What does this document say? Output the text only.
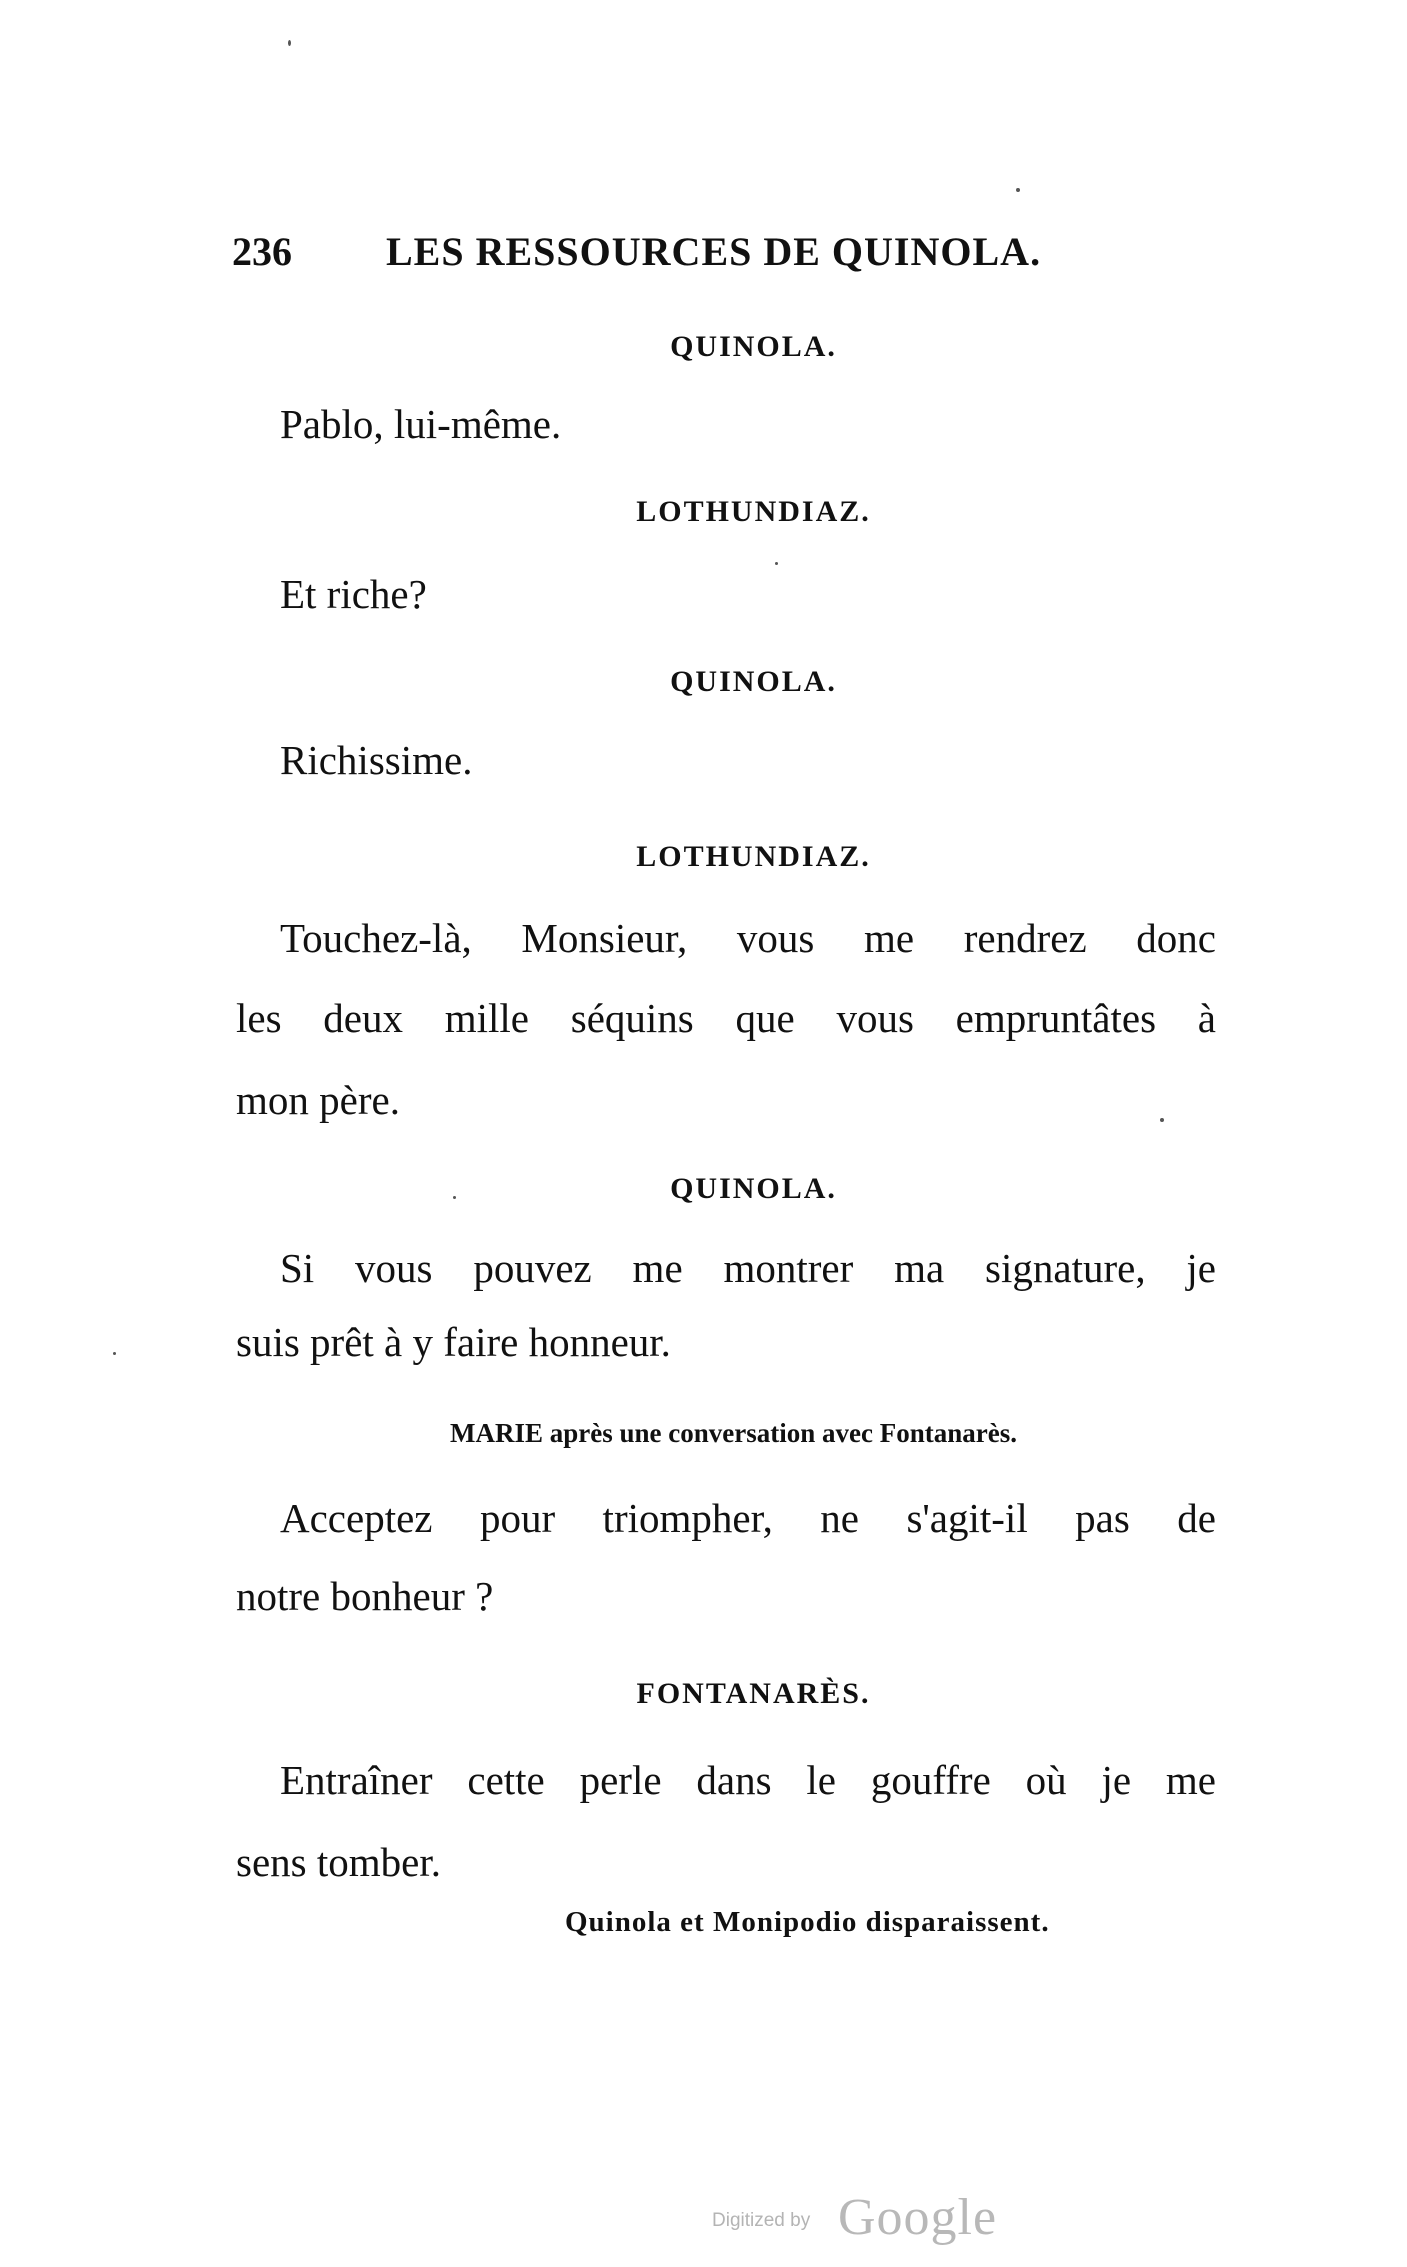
236 LES RESSOURCES DE QUINOLA.
QUINOLA.
Pablo, lui-même.
LOTHUNDIAZ.
Et riche?
QUINOLA.
Richissime.
LOTHUNDIAZ.
Touchez-là, Monsieur, vous me rendrez donc
les deux mille séquins que vous empruntâtes à
mon père.
QUINOLA.
Si vous pouvez me montrer ma signature, je
suis prêt à y faire honneur.
MARIE après une conversation avec Fontanarès.
Acceptez pour triompher, ne s'agit-il pas de
notre bonheur ?
FONTANARÈS.
Entraîner cette perle dans le gouffre où je me
sens tomber.
Quinola et Monipodio disparaissent.
Digitized by Google
